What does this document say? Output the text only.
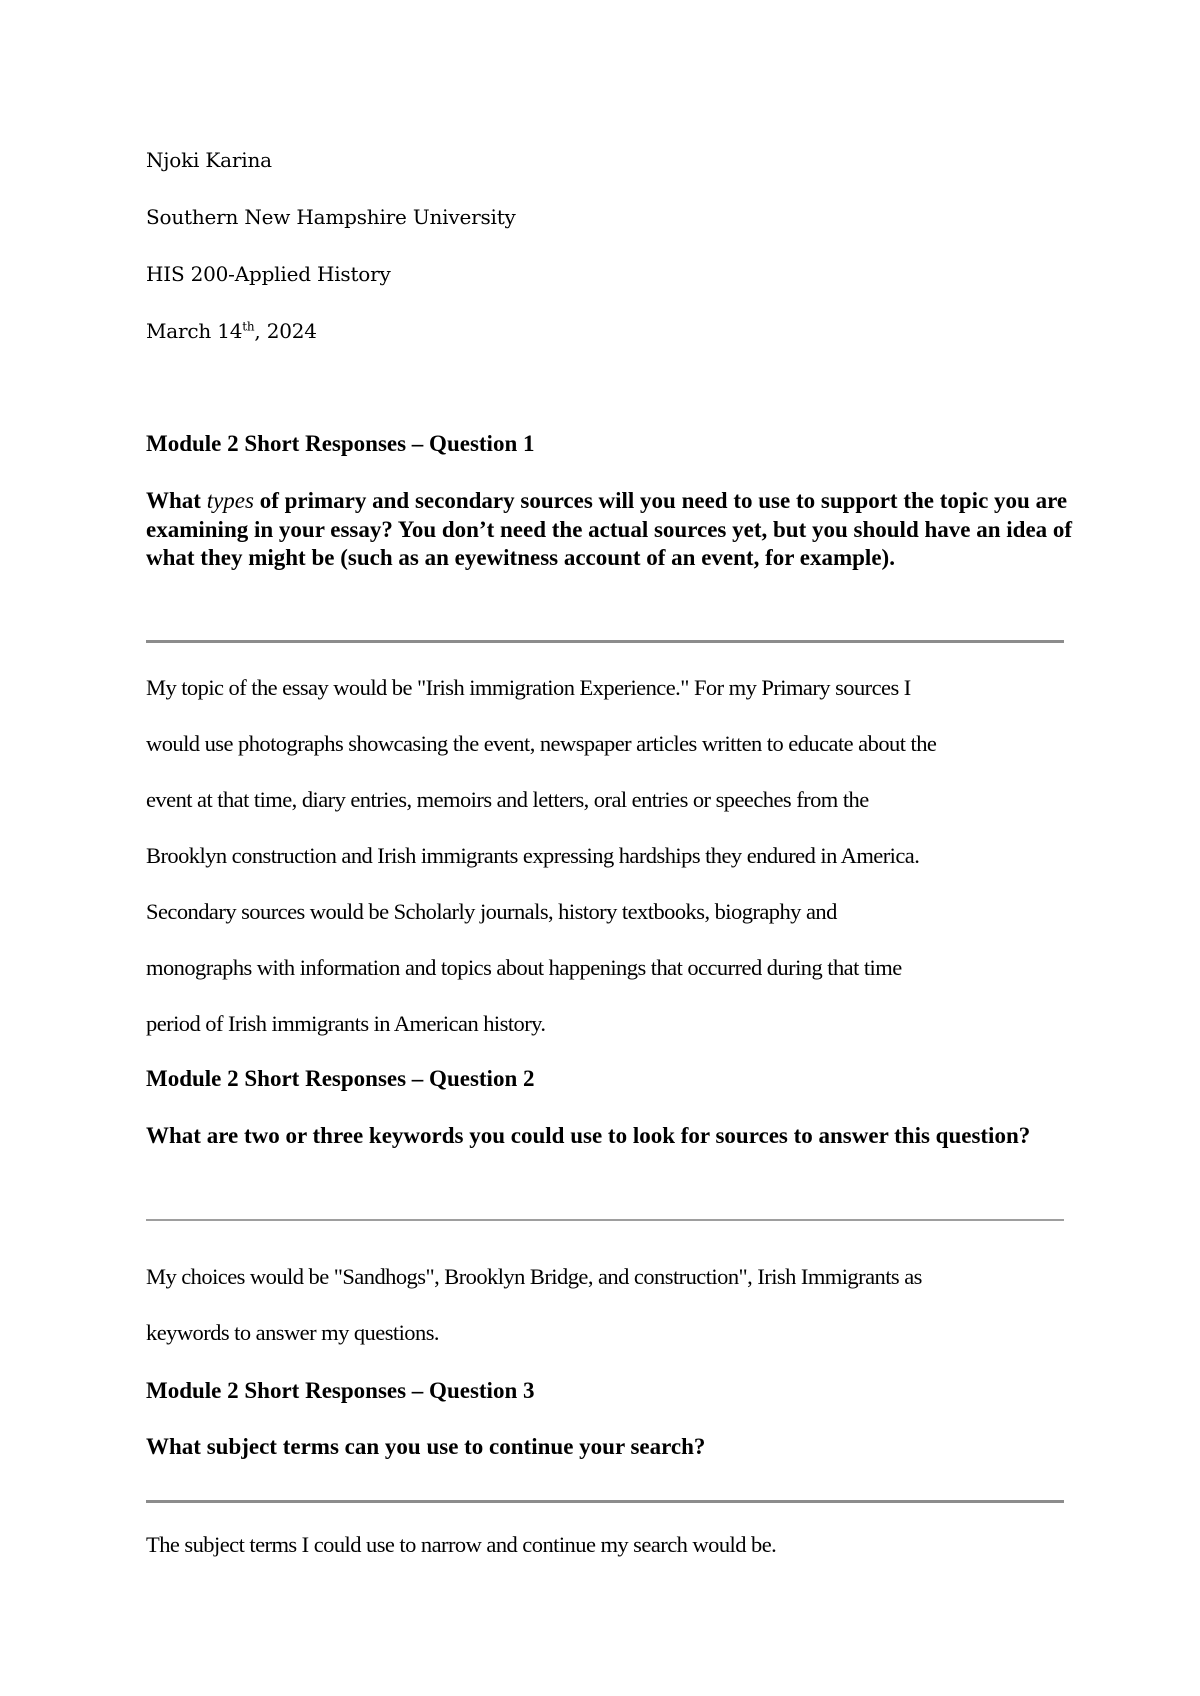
Njoki Karina
Southern New Hampshire University
HIS 200-Applied History
March 14th, 2024
Module 2 Short Responses – Question 1
What types of primary and secondary sources will you need to use to support the topic you are examining in your essay? You don’t need the actual sources yet, but you should have an idea of what they might be (such as an eyewitness account of an event, for example).
My topic of the essay would be "Irish immigration Experience." For my Primary sources I
would use photographs showcasing the event, newspaper articles written to educate about the
event at that time, diary entries, memoirs and letters, oral entries or speeches from the
Brooklyn construction and Irish immigrants expressing hardships they endured in America.
Secondary sources would be Scholarly journals, history textbooks, biography and
monographs with information and topics about happenings that occurred during that time
period of Irish immigrants in American history.
Module 2 Short Responses – Question 2
What are two or three keywords you could use to look for sources to answer this question?
My choices would be "Sandhogs", Brooklyn Bridge, and construction", Irish Immigrants as
keywords to answer my questions.
Module 2 Short Responses – Question 3
What subject terms can you use to continue your search?
The subject terms I could use to narrow and continue my search would be.
